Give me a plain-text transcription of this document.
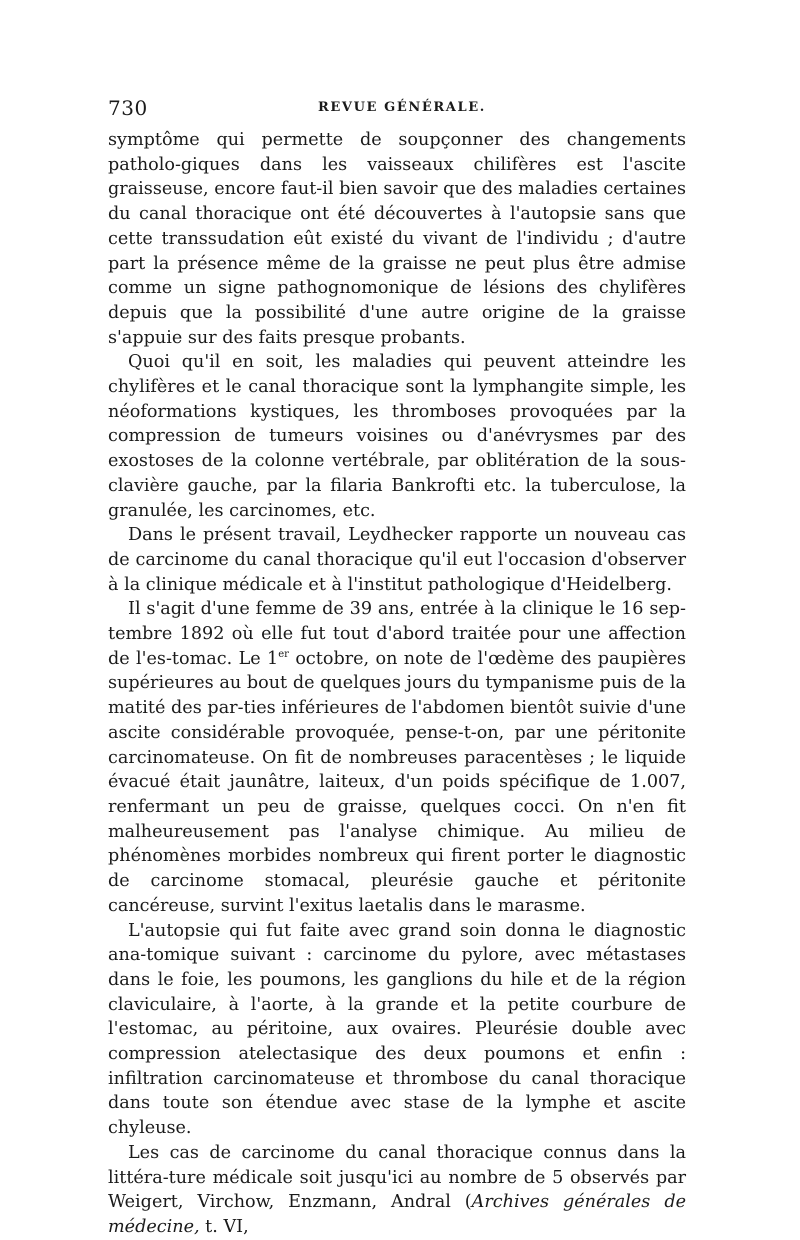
730	REVUE GÉNÉRALE.

symptôme qui permette de soupçonner des changements patholo-giques dans les vaisseaux chilifères est l'ascite graisseuse, encore faut-il bien savoir que des maladies certaines du canal thoracique ont été découvertes à l'autopsie sans que cette transsudation eût existé du vivant de l'individu ; d'autre part la présence même de la graisse ne peut plus être admise comme un signe pathognomonique de lésions des chylifères depuis que la possibilité d'une autre origine de la graisse s'appuie sur des faits presque probants.

Quoi qu'il en soit, les maladies qui peuvent atteindre les chylifères et le canal thoracique sont la lymphangite simple, les néoformations kystiques, les thromboses provoquées par la compression de tumeurs voisines ou d'anévrysmes par des exostoses de la colonne vertébrale, par oblitération de la sous-clavière gauche, par la filaria Bankrofti etc. la tuberculose, la granulée, les carcinomes, etc.

Dans le présent travail, Leydhecker rapporte un nouveau cas de carcinome du canal thoracique qu'il eut l'occasion d'observer à la clinique médicale et à l'institut pathologique d'Heidelberg.

Il s'agit d'une femme de 39 ans, entrée à la clinique le 16 sep-tembre 1892 où elle fut tout d'abord traitée pour une affection de l'es-tomac. Le 1er octobre, on note de l'œdème des paupières supérieures au bout de quelques jours du tympanisme puis de la matité des par-ties inférieures de l'abdomen bientôt suivie d'une ascite considérable provoquée, pense-t-on, par une péritonite carcinomateuse. On fit de nombreuses paracentèses ; le liquide évacué était jaunâtre, laiteux, d'un poids spécifique de 1.007, renfermant un peu de graisse, quelques cocci. On n'en fit malheureusement pas l'analyse chimique. Au milieu de phénomènes morbides nombreux qui firent porter le diagnostic de carcinome stomacal, pleurésie gauche et péritonite cancéreuse, survint l'exitus laetalis dans le marasme.

L'autopsie qui fut faite avec grand soin donna le diagnostic ana-tomique suivant : carcinome du pylore, avec métastases dans le foie, les poumons, les ganglions du hile et de la région claviculaire, à l'aorte, à la grande et la petite courbure de l'estomac, au péritoine, aux ovaires. Pleurésie double avec compression atelectasique des deux poumons et enfin : infiltration carcinomateuse et thrombose du canal thoracique dans toute son étendue avec stase de la lymphe et ascite chyleuse.

Les cas de carcinome du canal thoracique connus dans la littéra-ture médicale soit jusqu'ici au nombre de 5 observés par Weigert, Virchow, Enzmann, Andral (Archives générales de médecine, t. VI,
